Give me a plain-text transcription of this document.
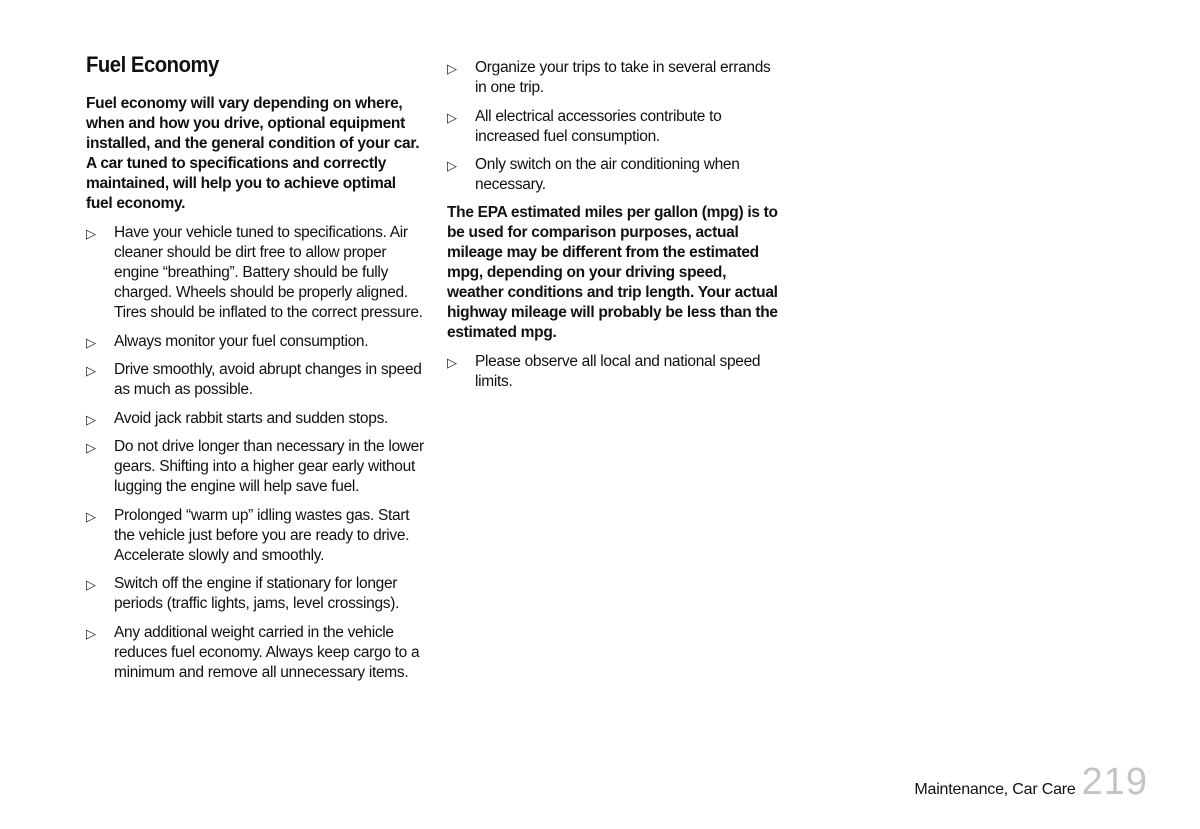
Fuel Economy

Fuel economy will vary depending on where, when and how you drive, optional equipment installed, and the general condition of your car. A car tuned to specifications and correctly maintained, will help you to achieve optimal fuel economy.

▷ Have your vehicle tuned to specifications. Air cleaner should be dirt free to allow proper engine “breathing”. Battery should be fully charged. Wheels should be properly aligned. Tires should be inflated to the correct pressure.
▷ Always monitor your fuel consumption.
▷ Drive smoothly, avoid abrupt changes in speed as much as possible.
▷ Avoid jack rabbit starts and sudden stops.
▷ Do not drive longer than necessary in the lower gears. Shifting into a higher gear early without lugging the engine will help save fuel.
▷ Prolonged “warm up” idling wastes gas. Start the vehicle just before you are ready to drive. Accelerate slowly and smoothly.
▷ Switch off the engine if stationary for longer periods (traffic lights, jams, level crossings).
▷ Any additional weight carried in the vehicle reduces fuel economy. Always keep cargo to a minimum and remove all unnecessary items.
▷ Organize your trips to take in several errands in one trip.
▷ All electrical accessories contribute to increased fuel consumption.
▷ Only switch on the air conditioning when necessary.

The EPA estimated miles per gallon (mpg) is to be used for comparison purposes, actual mileage may be different from the estimated mpg, depending on your driving speed, weather conditions and trip length. Your actual highway mileage will probably be less than the estimated mpg.

▷ Please observe all local and national speed limits.
Maintenance, Car Care 219
